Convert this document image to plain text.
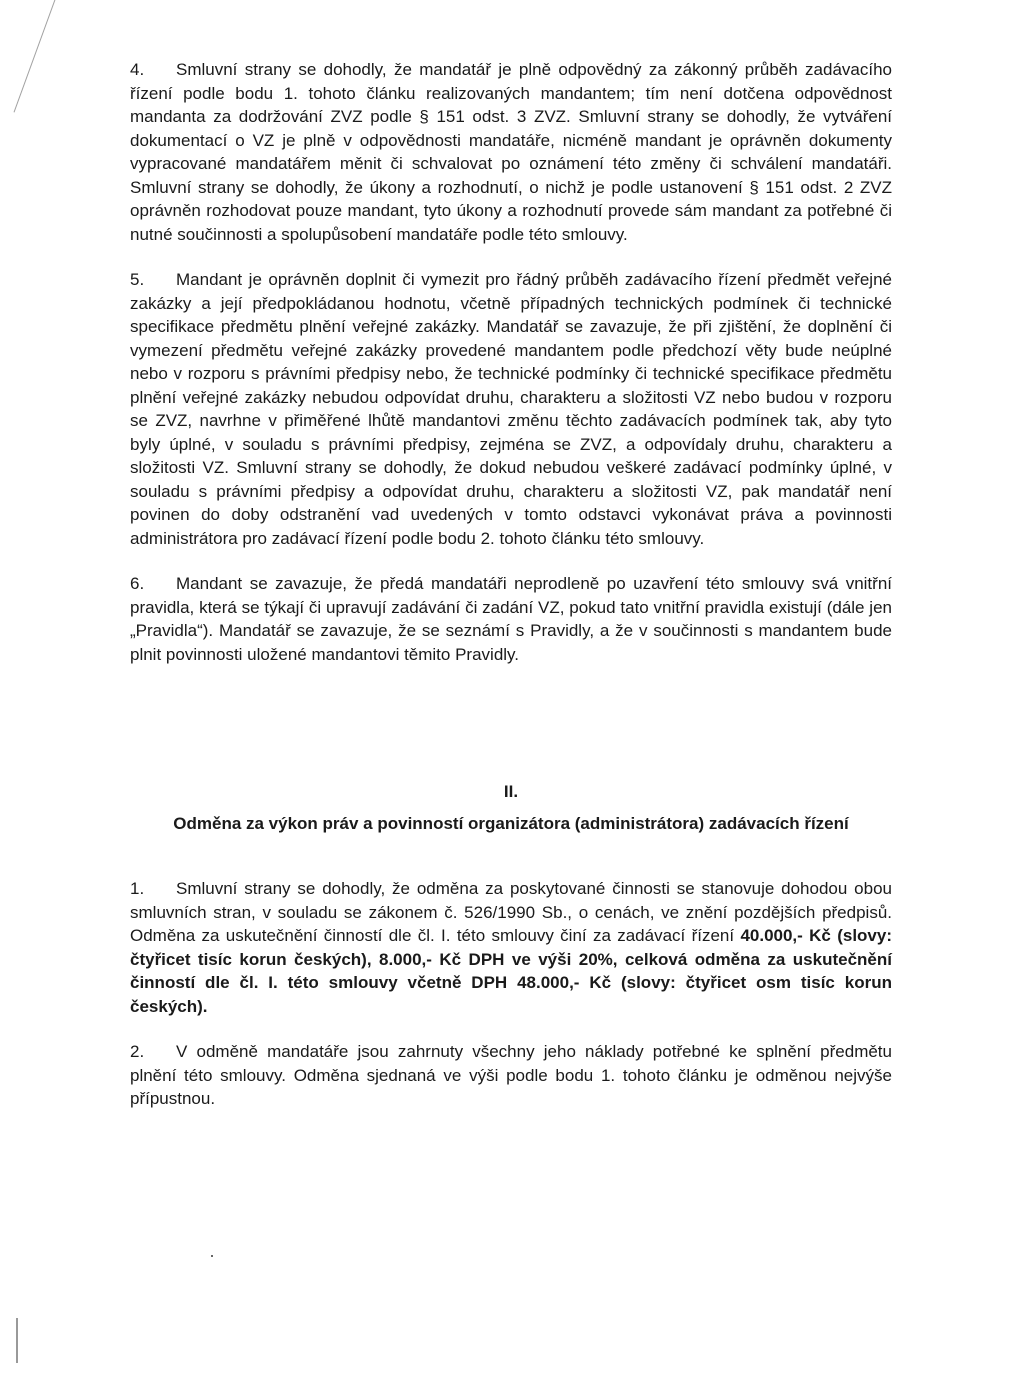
4. Smluvní strany se dohodly, že mandatář je plně odpovědný za zákonný průběh zadávacího řízení podle bodu 1. tohoto článku realizovaných mandantem; tím není dotčena odpovědnost mandanta za dodržování ZVZ podle § 151 odst. 3 ZVZ. Smluvní strany se dohodly, že vytváření dokumentací o VZ je plně v odpovědnosti mandatáře, nicméně mandant je oprávněn dokumenty vypracované mandatářem měnit či schvalovat po oznámení této změny či schválení mandatáři. Smluvní strany se dohodly, že úkony a rozhodnutí, o nichž je podle ustanovení § 151 odst. 2 ZVZ oprávněn rozhodovat pouze mandant, tyto úkony a rozhodnutí provede sám mandant za potřebné či nutné součinnosti a spolupůsobení mandatáře podle této smlouvy.

5. Mandant je oprávněn doplnit či vymezit pro řádný průběh zadávacího řízení předmět veřejné zakázky a její předpokládanou hodnotu, včetně případných technických podmínek či technické specifikace předmětu plnění veřejné zakázky. Mandatář se zavazuje, že při zjištění, že doplnění či vymezení předmětu veřejné zakázky provedené mandantem podle předchozí věty bude neúplné nebo v rozporu s právními předpisy nebo, že technické podmínky či technické specifikace předmětu plnění veřejné zakázky nebudou odpovídat druhu, charakteru a složitosti VZ nebo budou v rozporu se ZVZ, navrhne v přiměřené lhůtě mandantovi změnu těchto zadávacích podmínek tak, aby tyto byly úplné, v souladu s právními předpisy, zejména se ZVZ, a odpovídaly druhu, charakteru a složitosti VZ. Smluvní strany se dohodly, že dokud nebudou veškeré zadávací podmínky úplné, v souladu s právními předpisy a odpovídat druhu, charakteru a složitosti VZ, pak mandatář není povinen do doby odstranění vad uvedených v tomto odstavci vykonávat práva a povinnosti administrátora pro zadávací řízení podle bodu 2. tohoto článku této smlouvy.

6. Mandant se zavazuje, že předá mandatáři neprodleně po uzavření této smlouvy svá vnitřní pravidla, která se týkají či upravují zadávání či zadání VZ, pokud tato vnitřní pravidla existují (dále jen „Pravidla“). Mandatář se zavazuje, že se seznámí s Pravidly, a že v součinnosti s mandantem bude plnit povinnosti uložené mandantovi těmito Pravidly.

II.

Odměna za výkon práv a povinností organizátora (administrátora) zadávacích řízení

1. Smluvní strany se dohodly, že odměna za poskytované činnosti se stanovuje dohodou obou smluvních stran, v souladu se zákonem č. 526/1990 Sb., o cenách, ve znění pozdějších předpisů. Odměna za uskutečnění činností dle čl. I. této smlouvy činí za zadávací řízení 40.000,- Kč (slovy: čtyřicet tisíc korun českých), 8.000,- Kč DPH ve výši 20%, celková odměna za uskutečnění činností dle čl. I. této smlouvy včetně DPH 48.000,- Kč (slovy: čtyřicet osm tisíc korun českých).

2. V odměně mandatáře jsou zahrnuty všechny jeho náklady potřebné ke splnění předmětu plnění této smlouvy. Odměna sjednaná ve výši podle bodu 1. tohoto článku je odměnou nejvýše přípustnou.
